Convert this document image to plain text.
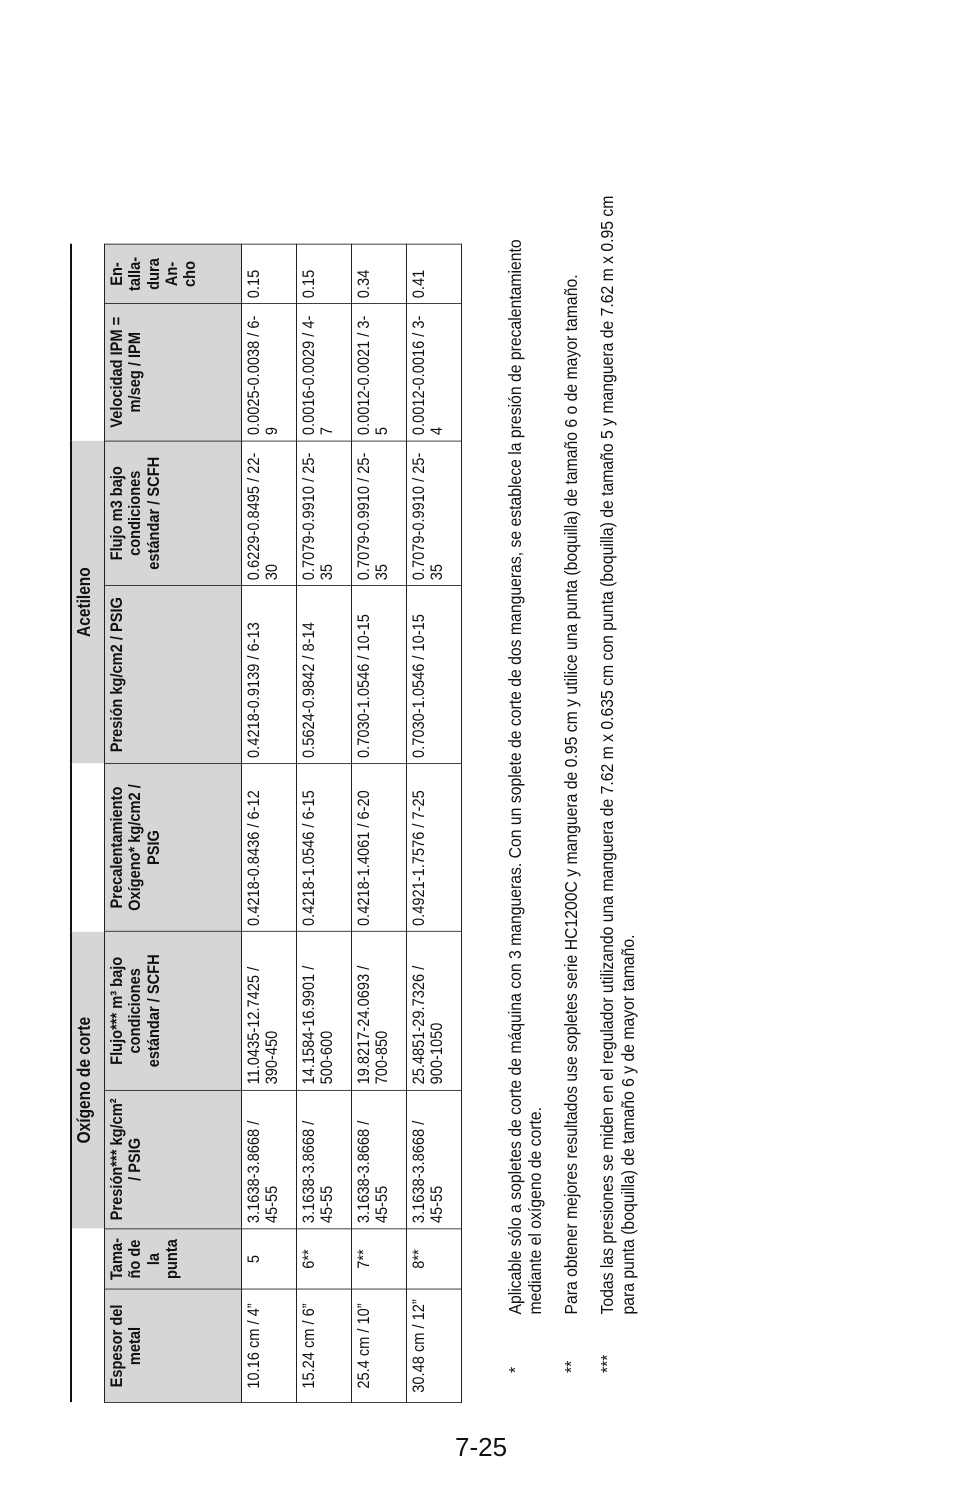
		Oxígeno de corte			Acetileno			
Espesor del metal	Tama-ño de la punta	Presión*** kg/cm² / PSIG	Flujo*** m³ bajo condiciones estándar / SCFH	Precalentamiento Oxígeno* kg/cm2 / PSIG	Presión kg/cm2 / PSIG	Flujo m3 bajo condiciones estándar / SCFH	Velocidad IPM = m/seg / IPM	En-talla-dura An-cho
10.16 cm / 4”	5	3.1638-3.8668 / 45-55	11.0435-12.7425 / 390-450	0.4218-0.8436 / 6-12	0.4218-0.9139 / 6-13	0.6229-0.8495 / 22-30	0.0025-0.0038 / 6-9	0.15
15.24 cm / 6”	6**	3.1638-3.8668 / 45-55	14.1584-16.9901 / 500-600	0.4218-1.0546 / 6-15	0.5624-0.9842 / 8-14	0.7079-0.9910 / 25-35	0.0016-0.0029 / 4-7	0.15
25.4 cm / 10”	7**	3.1638-3.8668 / 45-55	19.8217-24.0693 / 700-850	0.4218-1.4061 / 6-20	0.7030-1.0546 / 10-15	0.7079-0.9910 / 25-35	0.0012-0.0021 / 3-5	0.34
30.48 cm / 12”	8**	3.1638-3.8668 / 45-55	25.4851-29.7326 / 900-1050	0.4921-1.7576 / 7-25	0.7030-1.0546 / 10-15	0.7079-0.9910 / 25-35	0.0012-0.0016 / 3-4	0.41
*
Aplicable sólo a sopletes de corte de máquina con 3 mangueras. Con un soplete de corte de dos mangueras, se establece la presión de precalentamiento mediante el oxígeno de corte.
**
Para obtener mejores resultados use sopletes serie HC1200C y manguera de 0.95 cm y utilice una punta (boquilla) de tamaño 6 o de mayor tamaño.
***
Todas las presiones se miden en el regulador utilizando una manguera de 7.62 m x 0.635 cm con punta (boquilla) de tamaño 5 y manguera de 7.62 m x 0.95 cm para punta (boquilla) de tamaño 6 y de mayor tamaño.
7-25
